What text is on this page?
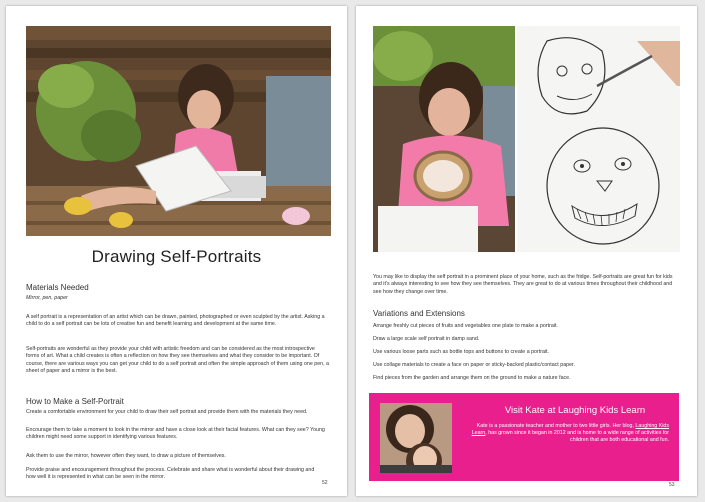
Drawing Self-Portraits
Materials Needed
Mirror, pen, paper
A self portrait is a representation of an artist which can be drawn, painted, photographed or even sculpted by the artist. Asking a child to do a self portrait can be lots of creative fun and benefit learning and development at the same time.
Self-portraits are wonderful as they provide your child with artistic freedom and can be considered as the most introspective forms of art. What a child creates is often a reflection on how they see themselves and what they consider to be important. Of course, there are various ways you can get your child to do a self portrait and often the simple approach of them using one pen, a sheet of paper and a mirror is the best.
How to Make a Self-Portrait
Create a comfortable environment for your child to draw their self portrait and provide them with the materials they need.
Encourage them to take a moment to look in the mirror and have a close look at their facial features. What can they see? Young children might need some support in identifying various features.
Ask them to use the mirror, however often they want, to draw a picture of themselves.
Provide praise and encouragement throughout the process. Celebrate and share what is wonderful about their drawing and how well it is represented in what can be seen in the mirror.
52
You may like to display the self portrait in a prominent place of your home, such as the fridge. Self-portraits are great fun for kids and it's always interesting to see how they see themselves. They are great to do at various times throughout their childhood and see how they change over time.
Variations and Extensions
Arrange freshly cut pieces of fruits and vegetables one plate to make a portrait.
Draw a large scale self portrait in damp sand.
Use various loose parts such as bottle tops and buttons to create a portrait.
Use collage materials to create a face on paper or sticky-backed plastic/contact paper.
Find pieces from the garden and arrange them on the ground to make a nature face.
Visit Kate at Laughing Kids Learn
Kate is a passionate teacher and mother to two little girls. Her blog, Laughing Kids Learn, has grown since it began in 2012 and is home to a wide range of activities for children that are both educational and fun.
53
